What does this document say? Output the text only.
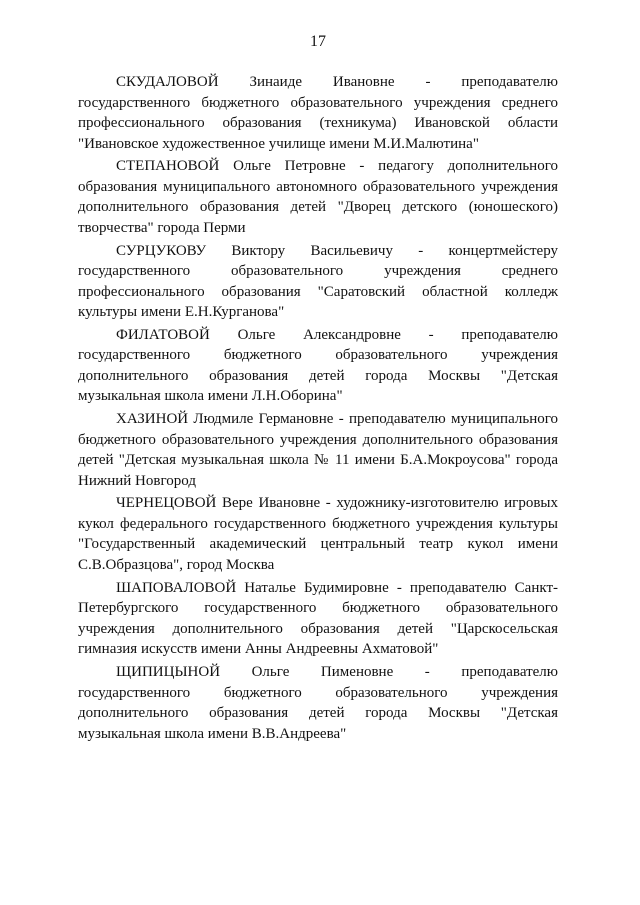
17

СКУДАЛОВОЙ Зинаиде Ивановне - преподавателю государственного бюджетного образовательного учреждения среднего профессионального образования (техникума) Ивановской области "Ивановское художественное училище имени М.И.Малютина"

СТЕПАНОВОЙ Ольге Петровне - педагогу дополнительного образования муниципального автономного образовательного учреждения дополнительного образования детей "Дворец детского (юношеского) творчества" города Перми

СУРЦУКОВУ Виктору Васильевичу - концертмейстеру государственного образовательного учреждения среднего профессионального образования "Саратовский областной колледж культуры имени Е.Н.Курганова"

ФИЛАТОВОЙ Ольге Александровне - преподавателю государственного бюджетного образовательного учреждения дополнительного образования детей города Москвы "Детская музыкальная школа имени Л.Н.Оборина"

ХАЗИНОЙ Людмиле Германовне - преподавателю муниципального бюджетного образовательного учреждения дополнительного образования детей "Детская музыкальная школа № 11 имени Б.А.Мокроусова" города Нижний Новгород

ЧЕРНЕЦОВОЙ Вере Ивановне - художнику-изготовителю игровых кукол федерального государственного бюджетного учреждения культуры "Государственный академический центральный театр кукол имени С.В.Образцова", город Москва

ШАПОВАЛОВОЙ Наталье Будимировне - преподавателю Санкт-Петербургского государственного бюджетного образовательного учреждения дополнительного образования детей "Царскосельская гимназия искусств имени Анны Андреевны Ахматовой"

ЩИПИЦЫНОЙ Ольге Пименовне - преподавателю государственного бюджетного образовательного учреждения дополнительного образования детей города Москвы "Детская музыкальная школа имени В.В.Андреева"
